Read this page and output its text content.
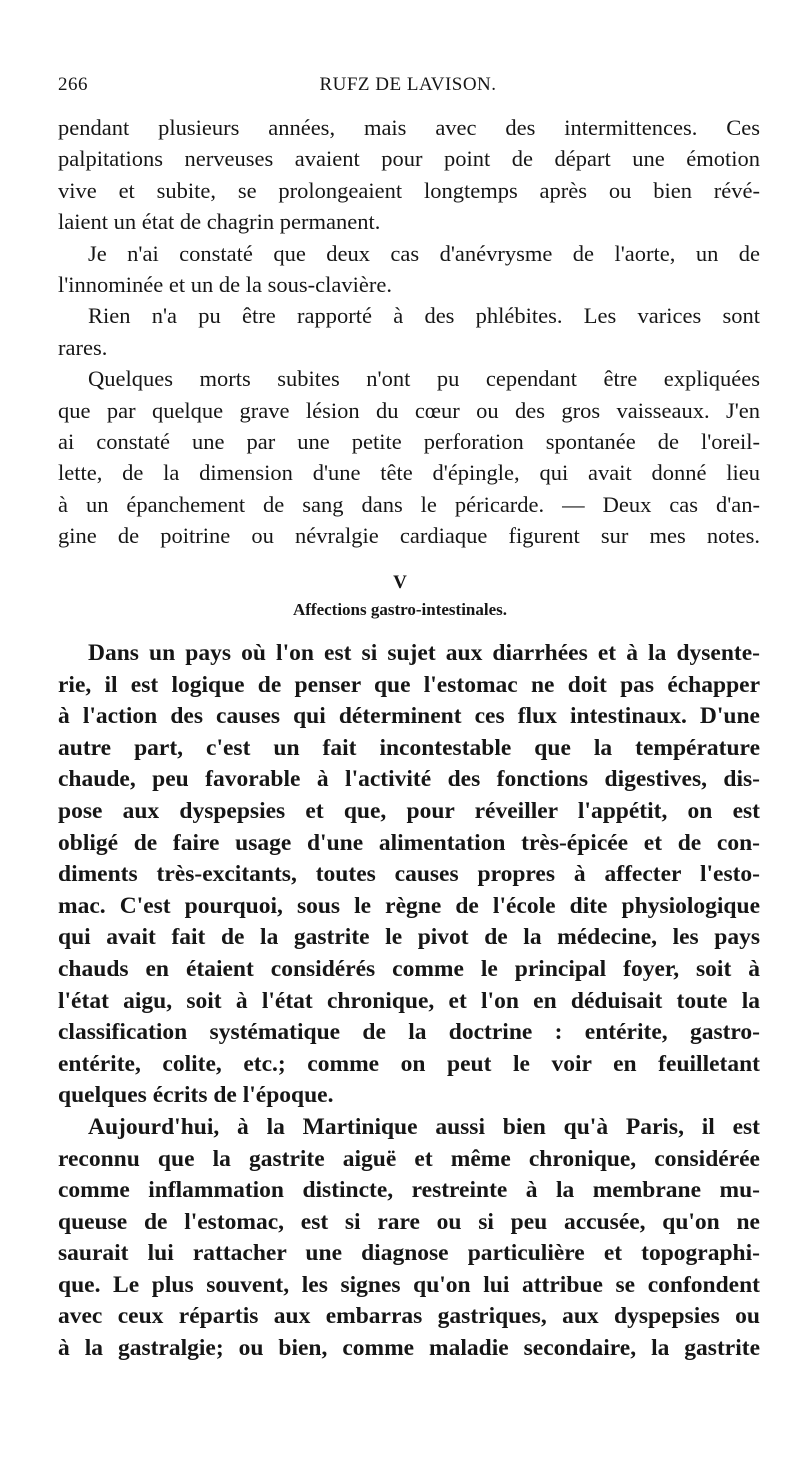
266	RUFZ DE LAVISON.
pendant plusieurs années, mais avec des intermittences. Ces
palpitations nerveuses avaient pour point de départ une émotion
vive et subite, se prolongeaient longtemps après ou bien révé-
laient un état de chagrin permanent.
Je n'ai constaté que deux cas d'anévrysme de l'aorte, un de
l'innominée et un de la sous-clavière.
Rien n'a pu être rapporté à des phlébites. Les varices sont
rares.
Quelques morts subites n'ont pu cependant être expliquées
que par quelque grave lésion du cœur ou des gros vaisseaux. J'en
ai constaté une par une petite perforation spontanée de l'oreil-
lette, de la dimension d'une tête d'épingle, qui avait donné lieu
à un épanchement de sang dans le péricarde. — Deux cas d'an-
gine de poitrine ou névralgie cardiaque figurent sur mes notes.
V
Affections gastro-intestinales.
Dans un pays où l'on est si sujet aux diarrhées et à la dysente-
rie, il est logique de penser que l'estomac ne doit pas échapper
à l'action des causes qui déterminent ces flux intestinaux. D'une
autre part, c'est un fait incontestable que la température
chaude, peu favorable à l'activité des fonctions digestives, dis-
pose aux dyspepsies et que, pour réveiller l'appétit, on est
obligé de faire usage d'une alimentation très-épicée et de con-
diments très-excitants, toutes causes propres à affecter l'esto-
mac. C'est pourquoi, sous le règne de l'école dite physiologique
qui avait fait de la gastrite le pivot de la médecine, les pays
chauds en étaient considérés comme le principal foyer, soit à
l'état aigu, soit à l'état chronique, et l'on en déduisait toute la
classification systématique de la doctrine : entérite, gastro-
entérite, colite, etc.; comme on peut le voir en feuilletant
quelques écrits de l'époque.
Aujourd'hui, à la Martinique aussi bien qu'à Paris, il est
reconnu que la gastrite aiguë et même chronique, considérée
comme inflammation distincte, restreinte à la membrane mu-
queuse de l'estomac, est si rare ou si peu accusée, qu'on ne
saurait lui rattacher une diagnose particulière et topographi-
que. Le plus souvent, les signes qu'on lui attribue se confondent
avec ceux répartis aux embarras gastriques, aux dyspepsies ou
à la gastralgie; ou bien, comme maladie secondaire, la gastrite
